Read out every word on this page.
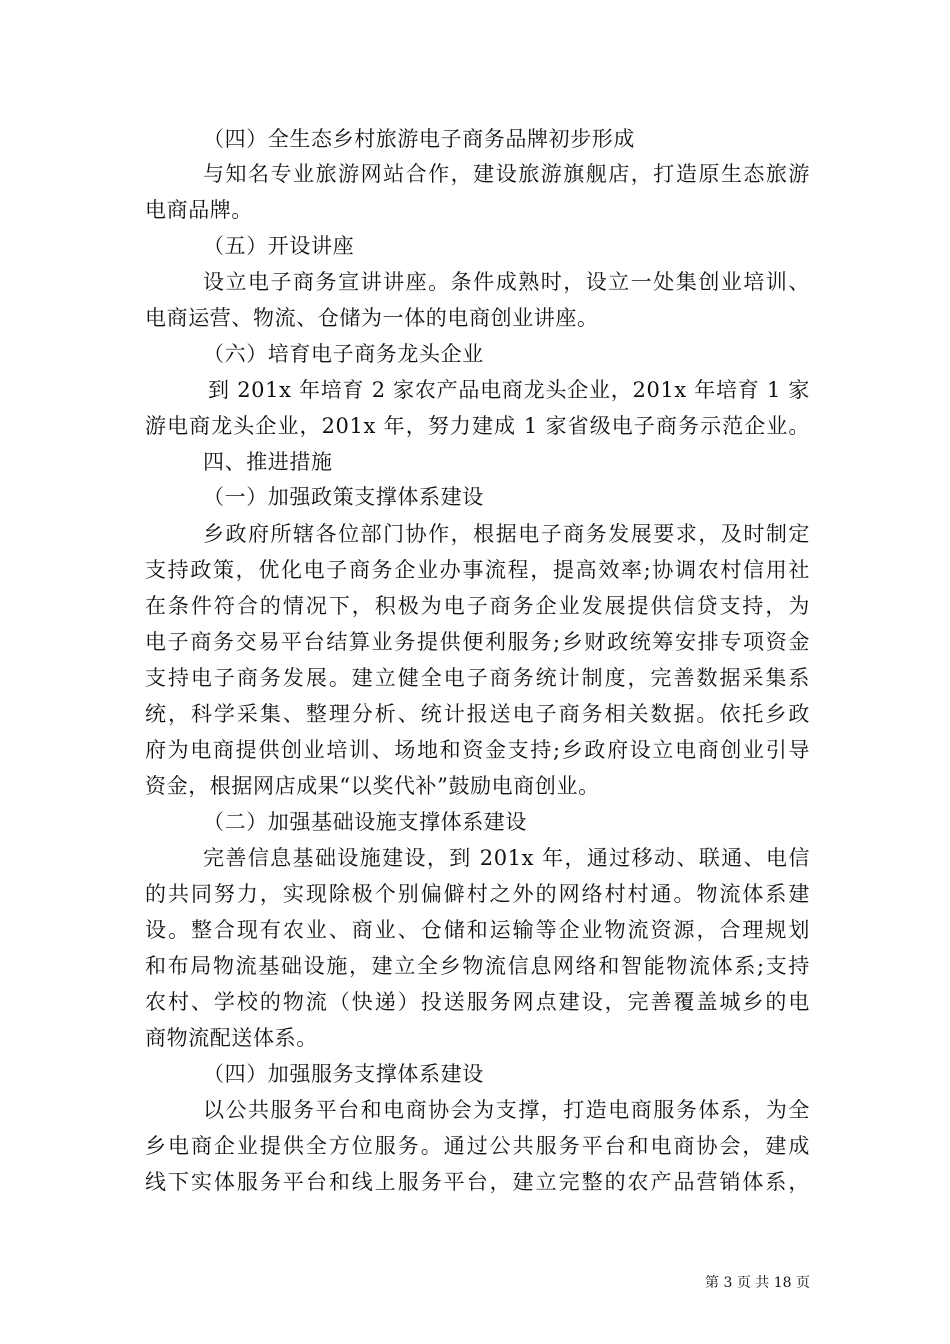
（四）全生态乡村旅游电子商务品牌初步形成
与知名专业旅游网站合作，建设旅游旗舰店，打造原生态旅游
电商品牌。
（五）开设讲座
设立电子商务宣讲讲座。条件成熟时，设立一处集创业培训、
电商运营、物流、仓储为一体的电商创业讲座。
（六）培育电子商务龙头企业
到 201x 年培育 2 家农产品电商龙头企业，201x 年培育 1 家
游电商龙头企业，201x 年，努力建成 1 家省级电子商务示范企业。
四、推进措施
（一）加强政策支撑体系建设
乡政府所辖各位部门协作，根据电子商务发展要求，及时制定
支持政策，优化电子商务企业办事流程，提高效率;协调农村信用社
在条件符合的情况下，积极为电子商务企业发展提供信贷支持，为
电子商务交易平台结算业务提供便利服务;乡财政统筹安排专项资金
支持电子商务发展。建立健全电子商务统计制度，完善数据采集系
统，科学采集、整理分析、统计报送电子商务相关数据。依托乡政
府为电商提供创业培训、场地和资金支持;乡政府设立电商创业引导
资金，根据网店成果“以奖代补”鼓励电商创业。
（二）加强基础设施支撑体系建设
完善信息基础设施建设，到 201x 年，通过移动、联通、电信
的共同努力，实现除极个别偏僻村之外的网络村村通。物流体系建
设。整合现有农业、商业、仓储和运输等企业物流资源，合理规划
和布局物流基础设施，建立全乡物流信息网络和智能物流体系;支持
农村、学校的物流（快递）投送服务网点建设，完善覆盖城乡的电
商物流配送体系。
（四）加强服务支撑体系建设
以公共服务平台和电商协会为支撑，打造电商服务体系，为全
乡电商企业提供全方位服务。通过公共服务平台和电商协会，建成
线下实体服务平台和线上服务平台，建立完整的农产品营销体系，
第 3 页 共 18 页
